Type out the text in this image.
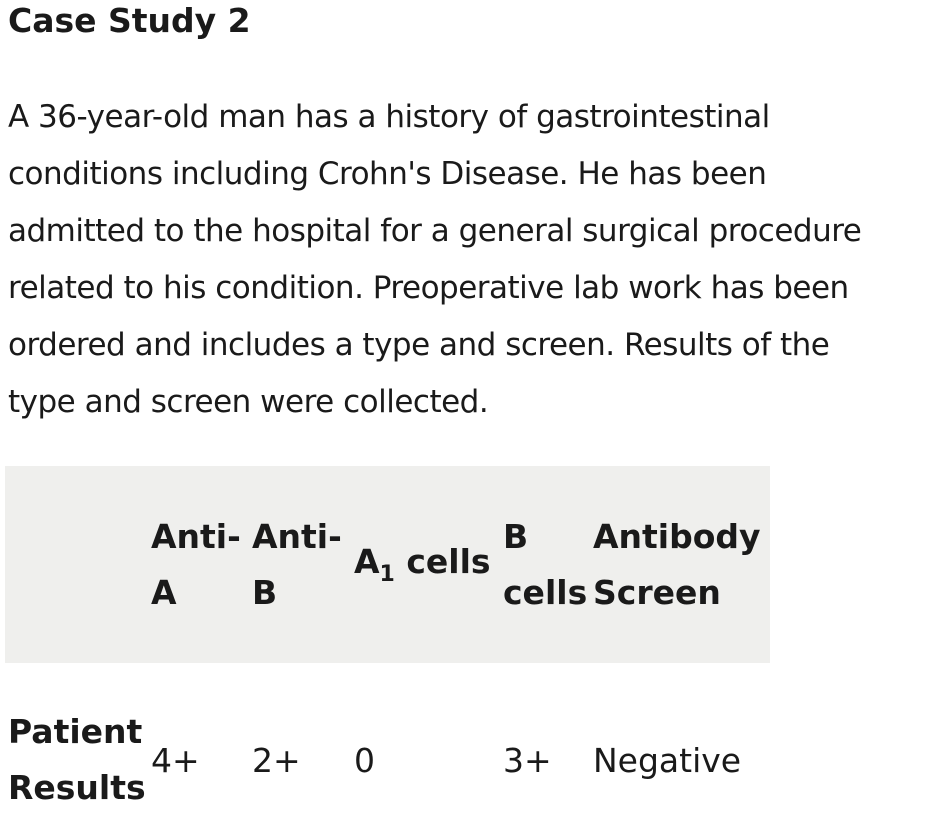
Case Study 2
A 36-year-old man has a history of gastrointestinal
conditions including Crohn's Disease. He has been
admitted to the hospital for a general surgical procedure
related to his condition. Preoperative lab work has been
ordered and includes a type and screen. Results of the
type and screen were collected.
Anti-
A
Anti-
B
$A_1$ cells
B
cells
Antibody
Screen
Patient
Results
4+ 2+ 0	3+ Negative
